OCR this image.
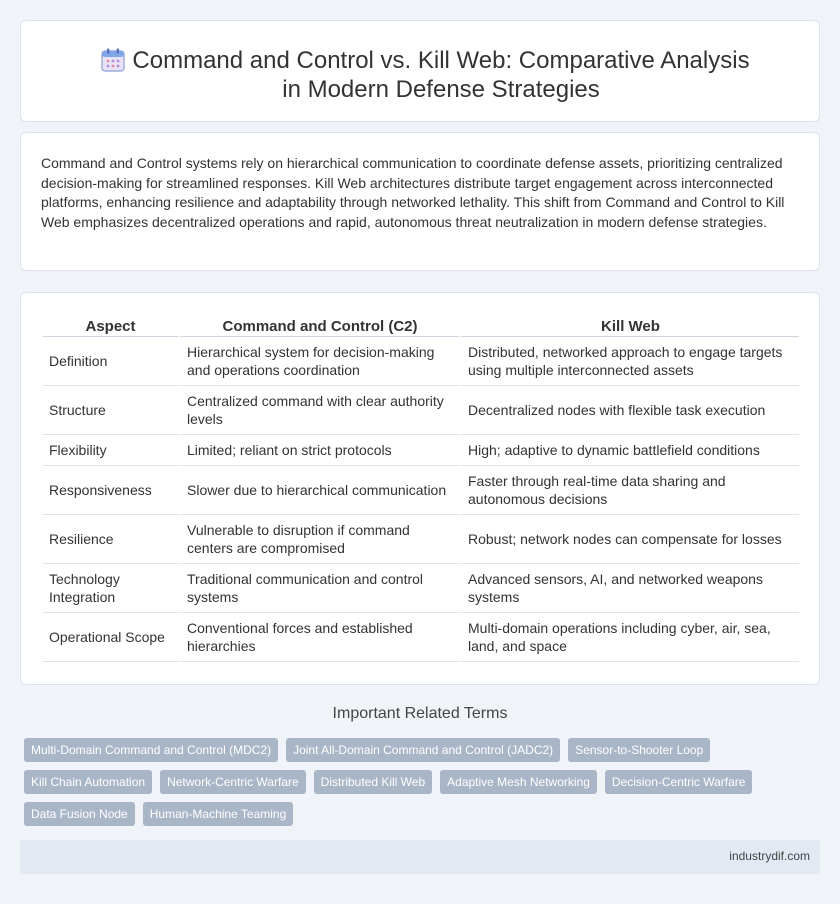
Command and Control vs. Kill Web: Comparative Analysis in Modern Defense Strategies

Command and Control systems rely on hierarchical communication to coordinate defense assets, prioritizing centralized decision-making for streamlined responses. Kill Web architectures distribute target engagement across interconnected platforms, enhancing resilience and adaptability through networked lethality. This shift from Command and Control to Kill Web emphasizes decentralized operations and rapid, autonomous threat neutralization in modern defense strategies.

Aspect	Command and Control (C2)	Kill Web
Definition	Hierarchical system for decision-making and operations coordination	Distributed, networked approach to engage targets using multiple interconnected assets
Structure	Centralized command with clear authority levels	Decentralized nodes with flexible task execution
Flexibility	Limited; reliant on strict protocols	High; adaptive to dynamic battlefield conditions
Responsiveness	Slower due to hierarchical communication	Faster through real-time data sharing and autonomous decisions
Resilience	Vulnerable to disruption if command centers are compromised	Robust; network nodes can compensate for losses
Technology Integration	Traditional communication and control systems	Advanced sensors, AI, and networked weapons systems
Operational Scope	Conventional forces and established hierarchies	Multi-domain operations including cyber, air, sea, land, and space
Important Related Terms
Multi-Domain Command and Control (MDC2)	Joint All-Domain Command and Control (JADC2)	Sensor-to-Shooter Loop
Kill Chain Automation	Network-Centric Warfare	Distributed Kill Web	Adaptive Mesh Networking	Decision-Centric Warfare
Data Fusion Node	Human-Machine Teaming
industrydif.com
